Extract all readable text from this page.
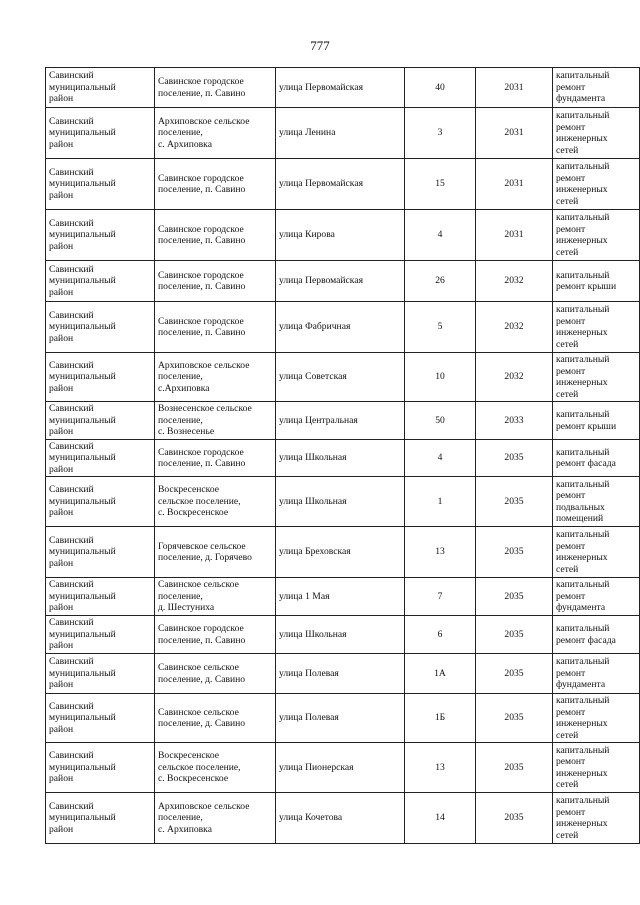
777
Савинский
муниципальный
район	Савинское городское
поселение, п. Савино	улица Первомайская	40	2031	капитальный
ремонт
фундамента

Савинский
муниципальный
район	Архиповское сельское
поселение,
с. Архиповка	улица Ленина	3	2031	капитальный
ремонт
инженерных
сетей

Савинский
муниципальный
район	Савинское городское
поселение, п. Савино	улица Первомайская	15	2031	капитальный
ремонт
инженерных
сетей

Савинский
муниципальный
район	Савинское городское
поселение, п. Савино	улица Кирова	4	2031	капитальный
ремонт
инженерных
сетей

Савинский
муниципальный
район	Савинское городское
поселение, п. Савино	улица Первомайская	26	2032	капитальный
ремонт крыши

Савинский
муниципальный
район	Савинское городское
поселение, п. Савино	улица Фабричная	5	2032	капитальный
ремонт
инженерных
сетей

Савинский
муниципальный
район	Архиповское сельское
поселение,
с.Архиповка	улица Советская	10	2032	капитальный
ремонт
инженерных
сетей

Савинский
муниципальный
район	Вознесенское сельское
поселение,
с. Вознесенье	улица Центральная	50	2033	капитальный
ремонт крыши

Савинский
муниципальный
район	Савинское городское
поселение, п. Савино	улица Школьная	4	2035	капитальный
ремонт фасада

Савинский
муниципальный
район	Воскресенское
сельское поселение,
с. Воскресенское	улица Школьная	1	2035	капитальный
ремонт
подвальных
помещений

Савинский
муниципальный
район	Горячевское сельское
поселение, д. Горячево	улица Бреховская	13	2035	капитальный
ремонт
инженерных
сетей

Савинский
муниципальный
район	Савинское сельское
поселение,
д. Шестуниха	улица 1 Мая	7	2035	капитальный
ремонт
фундамента

Савинский
муниципальный
район	Савинское городское
поселение, п. Савино	улица Школьная	6	2035	капитальный
ремонт фасада

Савинский
муниципальный
район	Савинское сельское
поселение, д. Савино	улица Полевая	1А	2035	капитальный
ремонт
фундамента

Савинский
муниципальный
район	Савинское сельское
поселение, д. Савино	улица Полевая	1Б	2035	капитальный
ремонт
инженерных
сетей

Савинский
муниципальный
район	Воскресенское
сельское поселение,
с. Воскресенское	улица Пионерская	13	2035	капитальный
ремонт
инженерных
сетей

Савинский
муниципальный
район	Архиповское сельское
поселение,
с. Архиповка	улица Кочетова	14	2035	капитальный
ремонт
инженерных
сетей
